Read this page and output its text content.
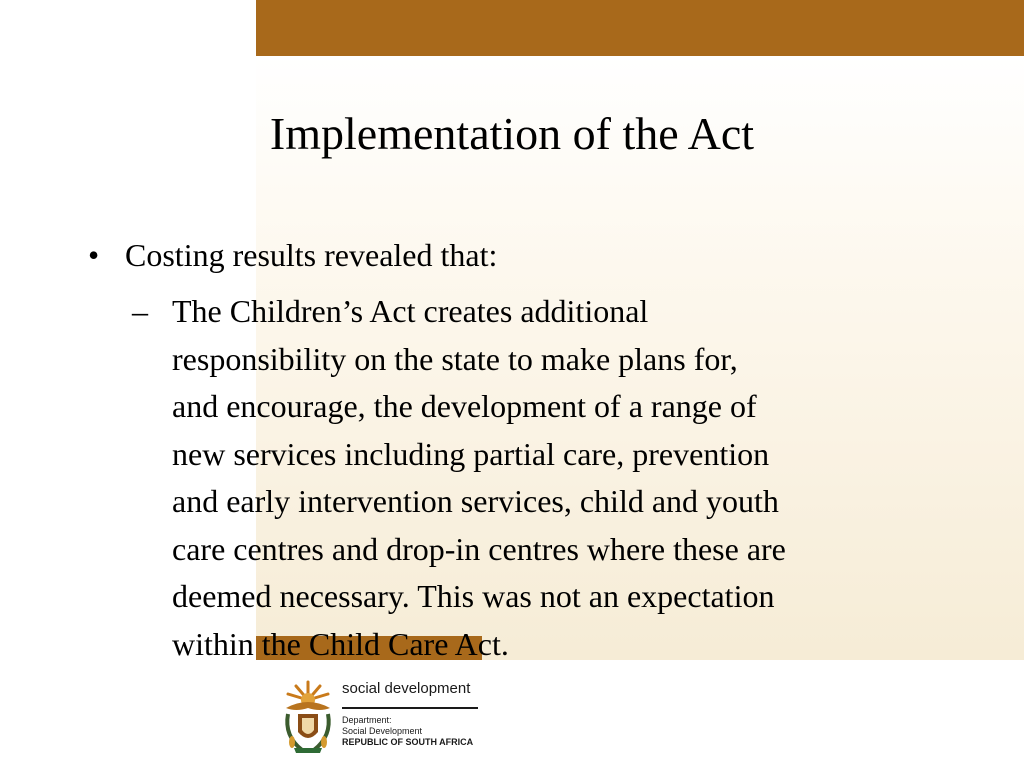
Implementation of the Act
• Costing results revealed that:
– The Children’s Act creates additional
responsibility on the state to make plans for,
and encourage, the development of a range of
new services including partial care, prevention
and early intervention services, child and youth
care centres and drop-in centres where these are
deemed necessary. This was not an expectation
within the Child Care Act.
social development
Department:
Social Development
REPUBLIC OF SOUTH AFRICA
